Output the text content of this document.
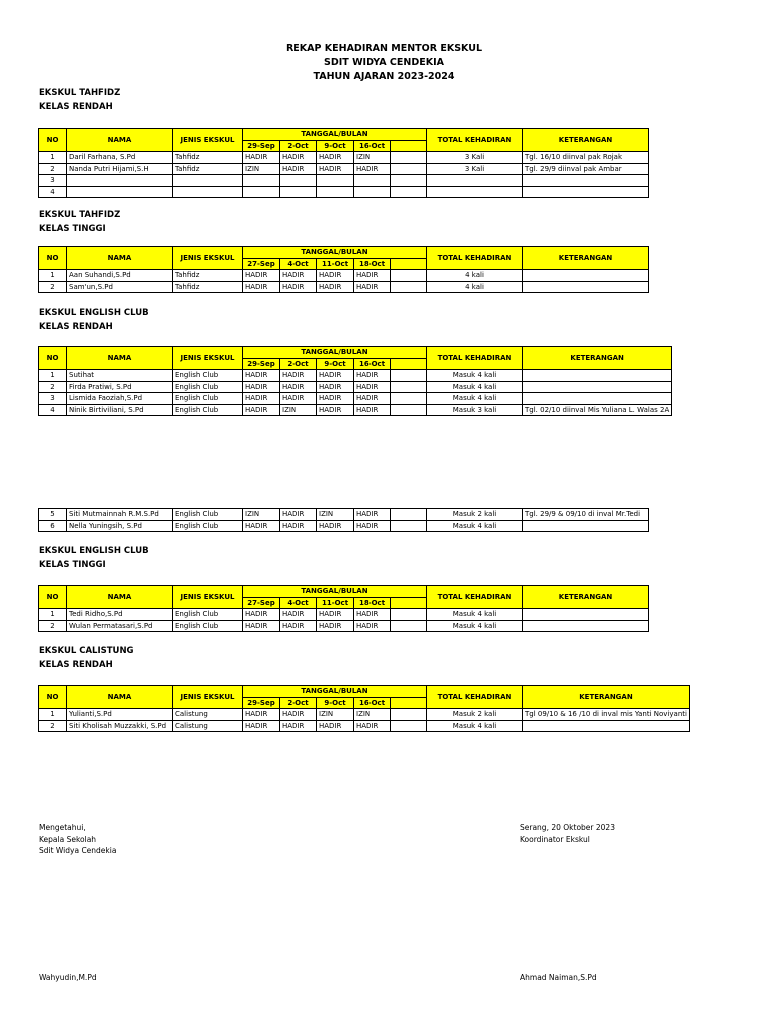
REKAP KEHADIRAN MENTOR EKSKUL
SDIT WIDYA CENDEKIA
TAHUN AJARAN 2023-2024
EKSKUL TAHFIDZ
KELAS RENDAH
NO	NAMA	JENIS EKSKUL	TANGGAL/BULAN					TOTAL KEHADIRAN	KETERANGAN
			29-Sep	2-Oct	9-Oct	16-Oct			
1	Daril Farhana, S.Pd	Tahfidz	HADIR	HADIR	HADIR	IZIN		3 Kali	Tgl. 16/10 diinval pak Rojak
2	Nanda Putri Hijami,S.H	Tahfidz	IZIN	HADIR	HADIR	HADIR		3 Kali	Tgl. 29/9 diinval pak Ambar
3									
4									
EKSKUL TAHFIDZ
KELAS TINGGI
NO	NAMA	JENIS EKSKUL	TANGGAL/BULAN					TOTAL KEHADIRAN	KETERANGAN
			27-Sep	4-Oct	11-Oct	18-Oct			
1	Aan Suhandi,S.Pd	Tahfidz	HADIR	HADIR	HADIR	HADIR		4 kali	
2	Sam'un,S.Pd	Tahfidz	HADIR	HADIR	HADIR	HADIR		4 kali	
EKSKUL ENGLISH CLUB
KELAS RENDAH
NO	NAMA	JENIS EKSKUL	TANGGAL/BULAN					TOTAL KEHADIRAN	KETERANGAN
			29-Sep	2-Oct	9-Oct	16-Oct			
1	Sutihat	English Club	HADIR	HADIR	HADIR	HADIR		Masuk 4 kali	
2	Firda Pratiwi, S.Pd	English Club	HADIR	HADIR	HADIR	HADIR		Masuk 4 kali	
3	Lismida Faoziah,S.Pd	English Club	HADIR	HADIR	HADIR	HADIR		Masuk 4 kali	
4	Ninik Birtiviliani, S.Pd	English Club	HADIR	IZIN	HADIR	HADIR		Masuk 3 kali	Tgl. 02/10 diinval Mis Yuliana L. Walas 2A
5	Siti Mutmainnah R.M.S.Pd	English Club	IZIN	HADIR	IZIN	HADIR		Masuk 2 kali	Tgl. 29/9 & 09/10 di inval Mr.Tedi
6	Nella Yuningsih, S.Pd	English Club	HADIR	HADIR	HADIR	HADIR		Masuk 4 kali	
EKSKUL ENGLISH CLUB
KELAS TINGGI
NO	NAMA	JENIS EKSKUL	TANGGAL/BULAN					TOTAL KEHADIRAN	KETERANGAN
			27-Sep	4-Oct	11-Oct	18-Oct			
1	Tedi Ridho,S.Pd	English Club	HADIR	HADIR	HADIR	HADIR		Masuk 4 kali	
2	Wulan Permatasari,S.Pd	English Club	HADIR	HADIR	HADIR	HADIR		Masuk 4 kali	
EKSKUL CALISTUNG
KELAS RENDAH
NO	NAMA	JENIS EKSKUL	TANGGAL/BULAN					TOTAL KEHADIRAN	KETERANGAN
			29-Sep	2-Oct	9-Oct	16-Oct			
1	Yulianti,S.Pd	Calistung	HADIR	HADIR	IZIN	IZIN		Masuk 2 kali	Tgl 09/10 & 16 /10 di inval mis Yanti Noviyanti
2	Siti Kholisah Muzzakki, S.Pd	Calistung	HADIR	HADIR	HADIR	HADIR		Masuk 4 kali	
Mengetahui,
Kepala Sekolah
Sdit Widya Cendekia
Serang, 20 Oktober 2023
Koordinator Ekskul
Wahyudin,M.Pd	Ahmad Naiman,S.Pd
